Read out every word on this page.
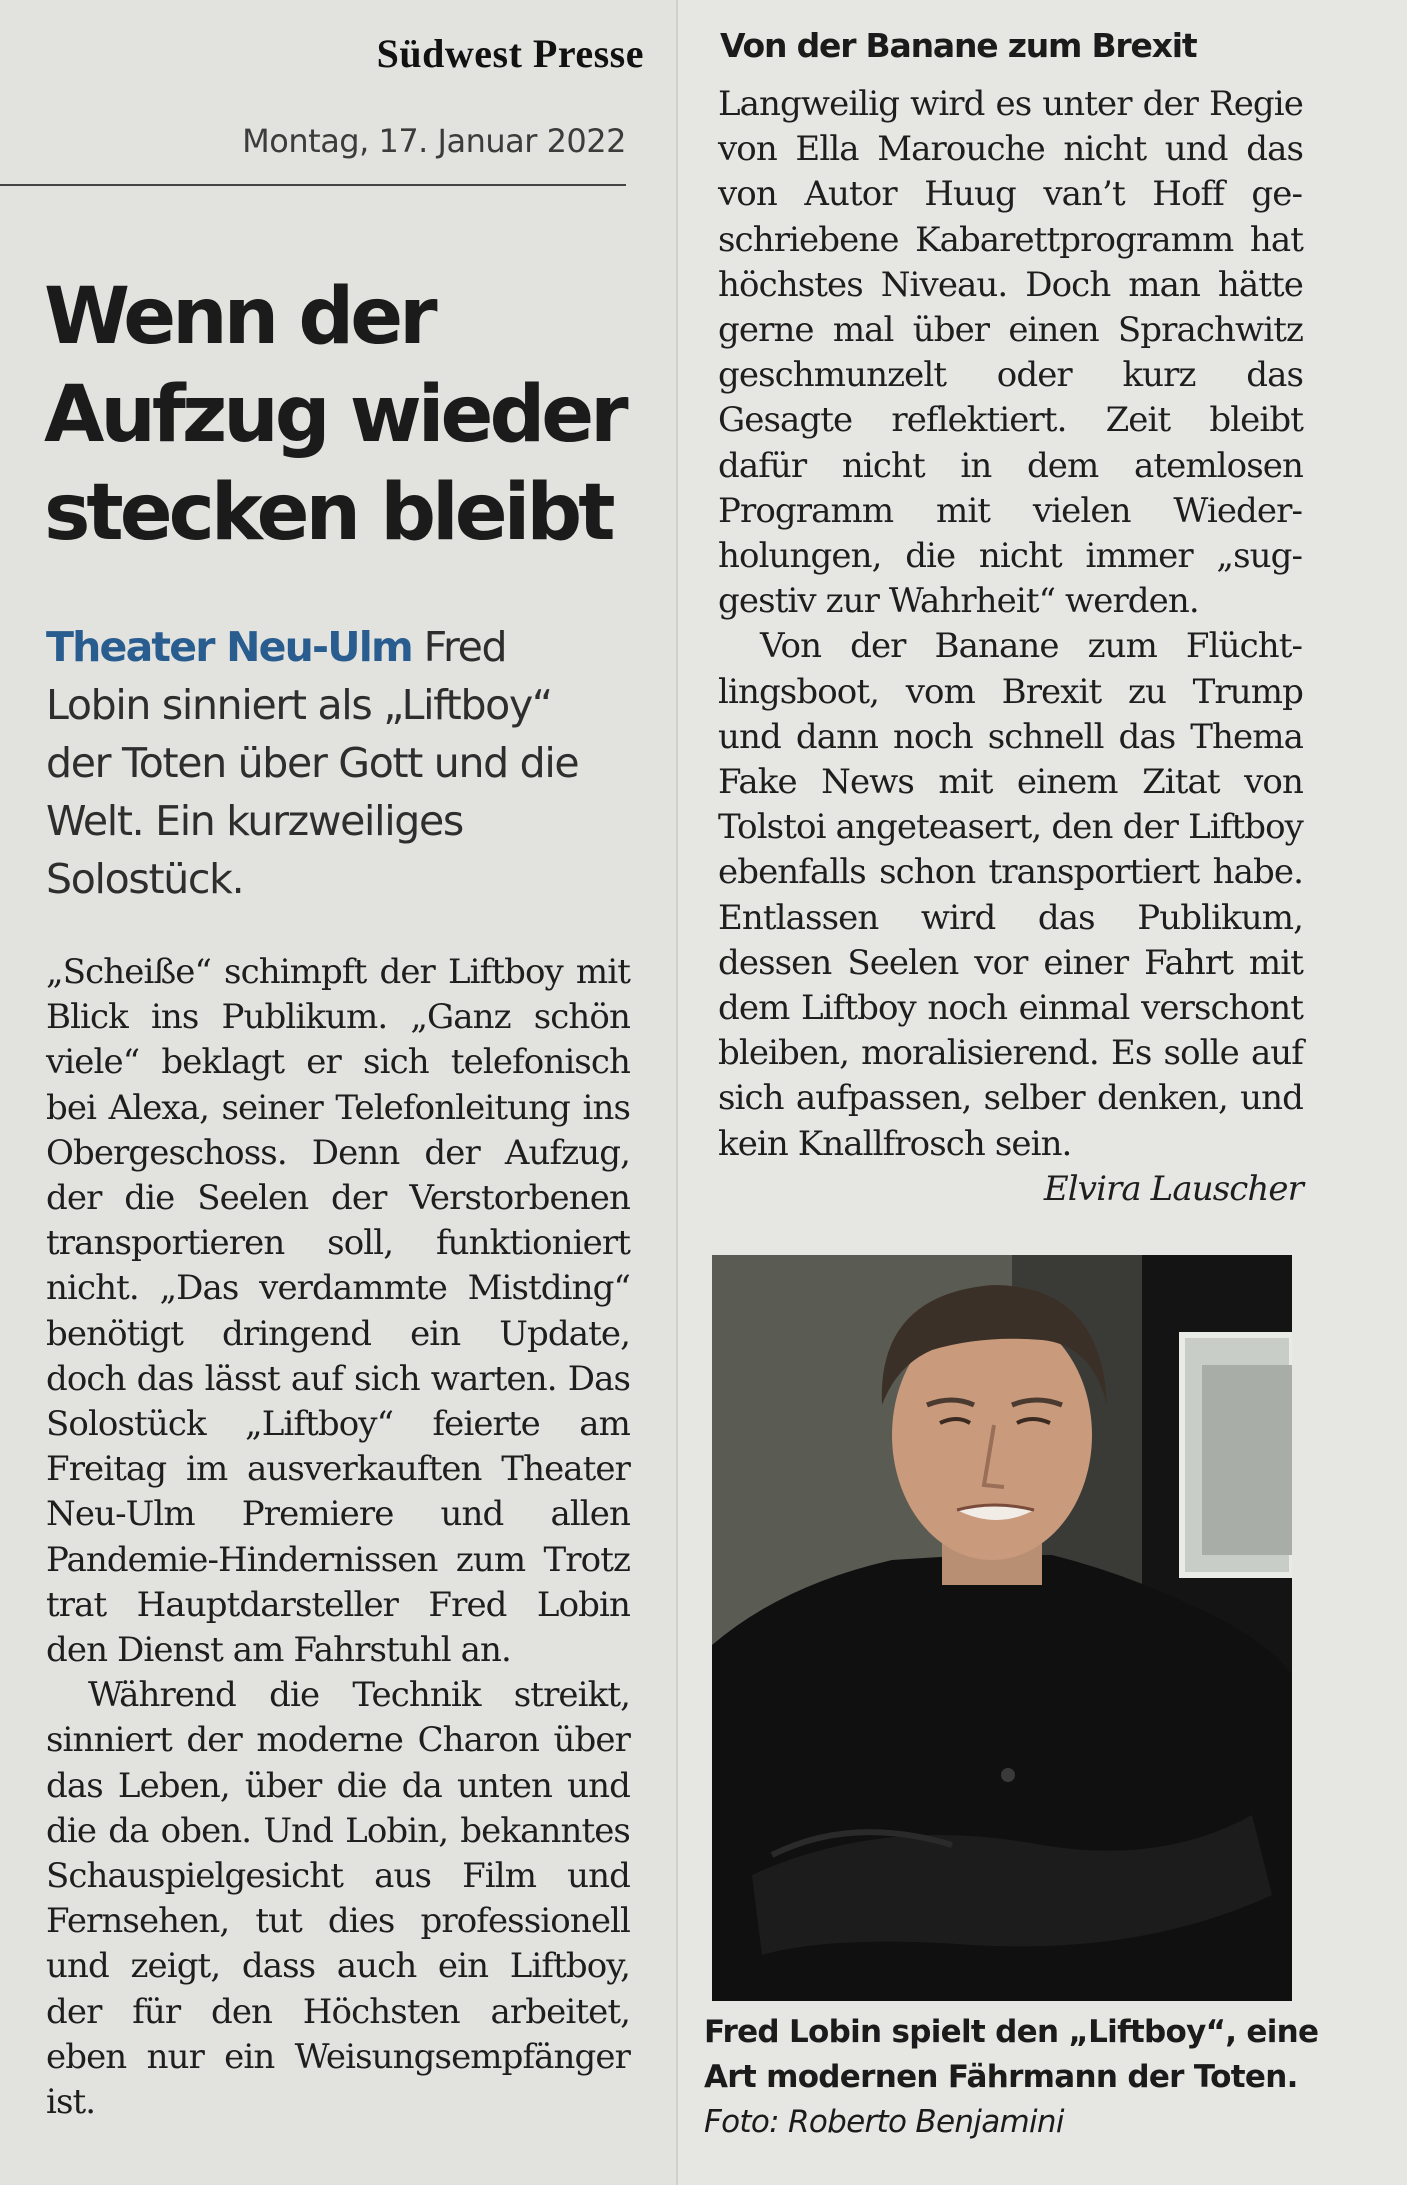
Südwest Presse
Montag, 17. Januar 2022
Wenn der
Aufzug wieder
stecken bleibt

Theater Neu-Ulm Fred Lobin sinniert als „Liftboy“ der Toten über Gott und die Welt. Ein kurzweiliges Solostück.

„Scheiße“ schimpft der Liftboy mit Blick ins Publikum. „Ganz schön viele“ beklagt er sich telefonisch bei Alexa, seiner Telefonleitung ins Obergeschoss. Denn der Aufzug, der die Seelen der Verstorbenen transportieren soll, funktioniert nicht. „Das verdammte Mistding“ benötigt dringend ein Update, doch das lässt auf sich warten. Das Solostück „Liftboy“ feierte am Freitag im ausverkauften Theater Neu-Ulm Premiere und allen Pandemie-Hindernissen zum Trotz trat Hauptdarsteller Fred Lobin den Dienst am Fahrstuhl an.

Während die Technik streikt, sinniert der moderne Charon über das Leben, über die da unten und die da oben. Und Lobin, bekanntes Schauspielgesicht aus Film und Fernsehen, tut dies professionell und zeigt, dass auch ein Liftboy, der für den Höchsten arbeitet, eben nur ein Weisungsempfänger ist.

Von der Banane zum Brexit

Langweilig wird es unter der Regie von Ella Marouche nicht und das von Autor Huug van’t Hoff geschriebene Kabarettprogramm hat höchstes Niveau. Doch man hätte gerne mal über einen Sprachwitz geschmunzelt oder kurz das Gesagte reflektiert. Zeit bleibt dafür nicht in dem atemlosen Programm mit vielen Wiederholungen, die nicht immer „suggestiv zur Wahrheit“ werden.

Von der Banane zum Flüchtlingsboot, vom Brexit zu Trump und dann noch schnell das Thema Fake News mit einem Zitat von Tolstoi angeteasert, den der Liftboy ebenfalls schon transportiert habe. Entlassen wird das Publikum, dessen Seelen vor einer Fahrt mit dem Liftboy noch einmal verschont bleiben, moralisierend. Es solle auf sich aufpassen, selber denken, und kein Knallfrosch sein.
Elvira Lauscher

Fred Lobin spielt den „Liftboy“, eine Art modernen Fährmann der Toten. Foto: Roberto Benjamini
